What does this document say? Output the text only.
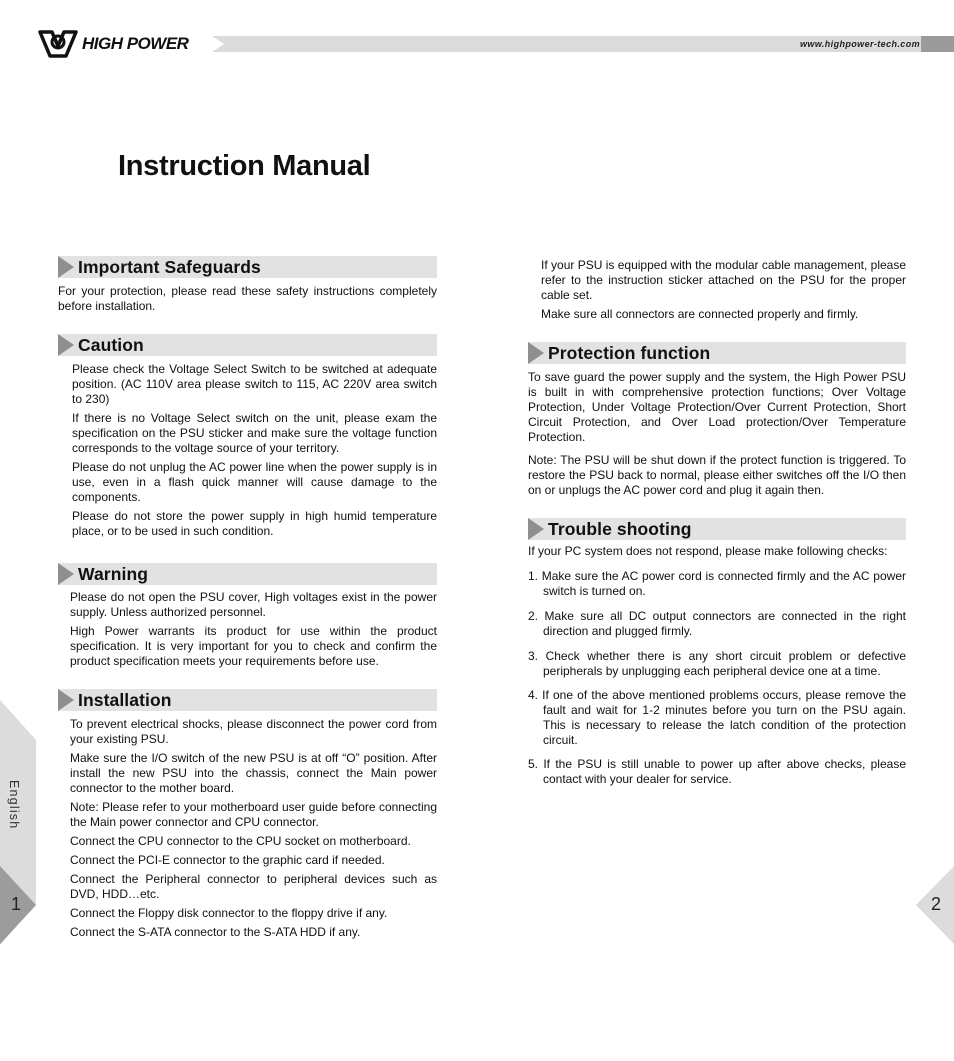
HIGH POWER	www.highpower-tech.com
Instruction Manual
Important Safeguards

For your protection, please read these safety instructions completely before installation.

Caution

Please check the Voltage Select Switch to be switched at adequate position. (AC 110V area please switch to 115, AC 220V area switch to 230)

If there is no Voltage Select switch on the unit, please exam the specification on the PSU sticker and make sure the voltage function corresponds to the voltage source of your territory.

Please do not unplug the AC power line when the power supply is in use, even in a flash quick manner will cause damage to the components.

Please do not store the power supply in high humid temperature place, or to be used in such condition.

Warning

Please do not open the PSU cover, High voltages exist in the power supply. Unless authorized personnel.

High Power warrants its product for use within the product specification. It is very important for you to check and confirm the product specification meets your requirements before use.

Installation

To prevent electrical shocks, please disconnect the power cord from your existing PSU.

Make sure the I/O switch of the new PSU is at off “O” position. After install the new PSU into the chassis, connect the Main power connector to the mother board.

Note: Please refer to your motherboard user guide before connecting the Main power connector and CPU connector.

Connect the CPU connector to the CPU socket on motherboard.

Connect the PCI-E connector to the graphic card if needed.

Connect the Peripheral connector to peripheral devices such as DVD, HDD…etc.

Connect the Floppy disk connector to the floppy drive if any.

Connect the S-ATA connector to the S-ATA HDD if any.

If your PSU is equipped with the modular cable management, please refer to the instruction sticker attached on the PSU for the proper cable set.

Make sure all connectors are connected properly and firmly.

Protection function

To save guard the power supply and the system, the High Power PSU is built in with comprehensive protection functions; Over Voltage Protection, Under Voltage Protection/Over Current Protection, Short Circuit Protection, and Over Load protection/Over Temperature Protection.

Note: The PSU will be shut down if the protect function is triggered. To restore the PSU back to normal, please either switches off the I/O then on or unplugs the AC power cord and plug it again then.

Trouble shooting

If your PC system does not respond, please make following checks:

1. Make sure the AC power cord is connected firmly and the AC power switch is turned on.
2. Make sure all DC output connectors are connected in the right direction and plugged firmly.
3. Check whether there is any short circuit problem or defective peripherals by unplugging each peripheral device one at a time.
4. If one of the above mentioned problems occurs, please remove the fault and wait for 1-2 minutes before you turn on the PSU again. This is necessary to release the latch condition of the protection circuit.
5. If the PSU is still unable to power up after above checks, please contact with your dealer for service.
English
1	2
